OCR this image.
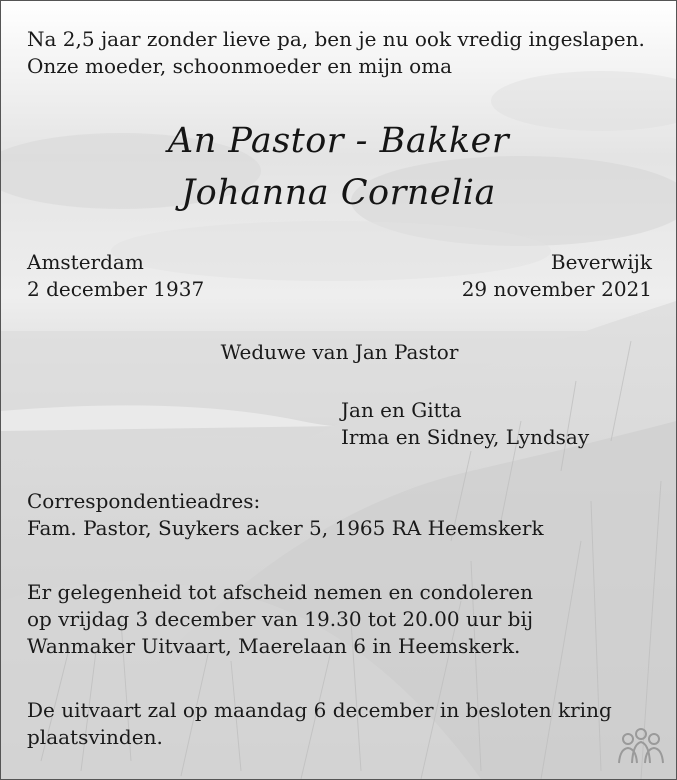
Na 2,5 jaar zonder lieve pa, ben je nu ook vredig ingeslapen.
Onze moeder, schoonmoeder en mijn oma
An Pastor - Bakker
Johanna Cornelia
Amsterdam
2 december 1937
Beverwijk
29 november 2021
Weduwe van Jan Pastor
Jan en Gitta
Irma en Sidney, Lyndsay
Correspondentieadres:
Fam. Pastor, Suykers acker 5, 1965 RA Heemskerk
Er gelegenheid tot afscheid nemen en condoleren
op vrijdag 3 december van 19.30 tot 20.00 uur bij
Wanmaker Uitvaart, Maerelaan 6 in Heemskerk.
De uitvaart zal op maandag 6 december in besloten kring
plaatsvinden.
